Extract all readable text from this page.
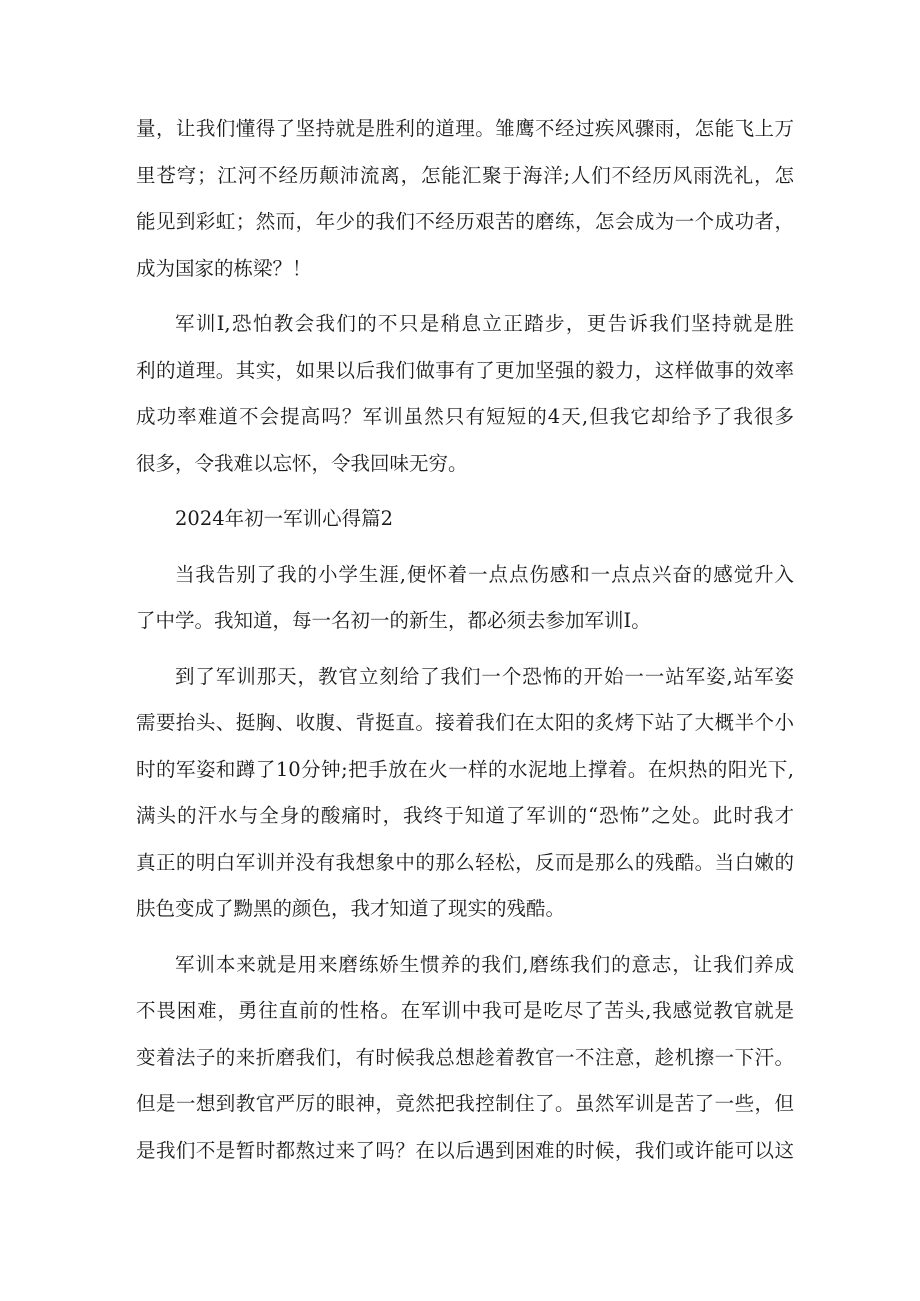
量，让我们懂得了坚持就是胜利的道理。雏鹰不经过疾风骤雨，怎能飞上万
里苍穹；江河不经历颠沛流离，怎能汇聚于海洋;人们不经历风雨洗礼，怎
能见到彩虹；然而，年少的我们不经历艰苦的磨练，怎会成为一个成功者，
成为国家的栋梁？！
军训I,恐怕教会我们的不只是稍息立正踏步，更告诉我们坚持就是胜
利的道理。其实，如果以后我们做事有了更加坚强的毅力，这样做事的效率
成功率难道不会提高吗？军训虽然只有短短的4天,但我它却给予了我很多
很多，令我难以忘怀，令我回味无穷。
2024年初一军训心得篇2
当我告别了我的小学生涯,便怀着一点点伤感和一点点兴奋的感觉升入
了中学。我知道，每一名初一的新生，都必须去参加军训I。
到了军训那天，教官立刻给了我们一个恐怖的开始一一站军姿,站军姿
需要抬头、挺胸、收腹、背挺直。接着我们在太阳的炙烤下站了大概半个小
时的军姿和蹲了10分钟;把手放在火一样的水泥地上撑着。在炽热的阳光下,
满头的汗水与全身的酸痛时，我终于知道了军训的“恐怖”之处。此时我才
真正的明白军训并没有我想象中的那么轻松，反而是那么的残酷。当白嫩的
肤色变成了黝黑的颜色，我才知道了现实的残酷。
军训本来就是用来磨练娇生惯养的我们,磨练我们的意志，让我们养成
不畏困难，勇往直前的性格。在军训中我可是吃尽了苦头,我感觉教官就是
变着法子的来折磨我们，有时候我总想趁着教官一不注意，趁机擦一下汗。
但是一想到教官严厉的眼神，竟然把我控制住了。虽然军训是苦了一些，但
是我们不是暂时都熬过来了吗？在以后遇到困难的时候，我们或许能可以这
